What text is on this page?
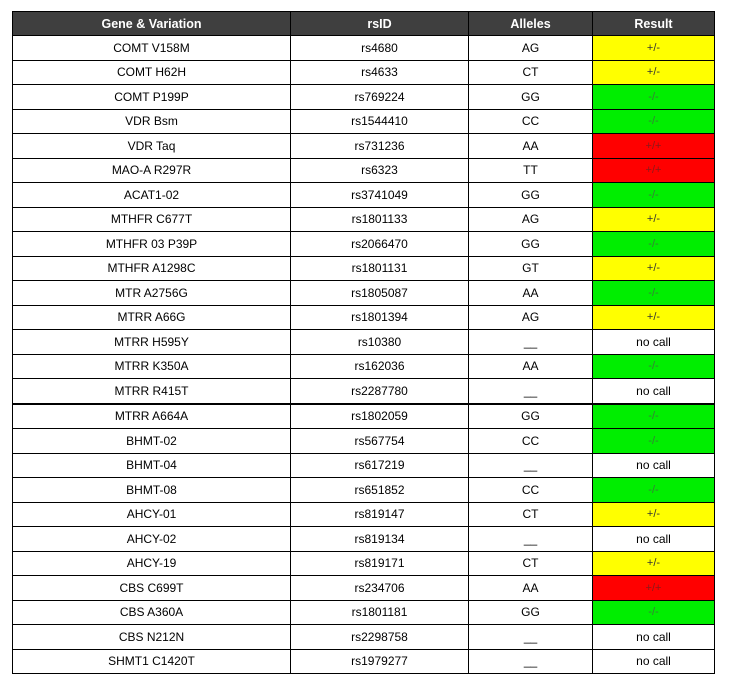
Gene & Variation	rsID	Alleles	Result
COMT V158M	rs4680	AG	+/-
COMT H62H	rs4633	CT	+/-
COMT P199P	rs769224	GG	-/-
VDR Bsm	rs1544410	CC	-/-
VDR Taq	rs731236	AA	+/+
MAO-A R297R	rs6323	TT	+/+
ACAT1-02	rs3741049	GG	-/-
MTHFR C677T	rs1801133	AG	+/-
MTHFR 03 P39P	rs2066470	GG	-/-
MTHFR A1298C	rs1801131	GT	+/-
MTR A2756G	rs1805087	AA	-/-
MTRR A66G	rs1801394	AG	+/-
MTRR H595Y	rs10380	__	no call
MTRR K350A	rs162036	AA	-/-
MTRR R415T	rs2287780	__	no call
MTRR A664A	rs1802059	GG	-/-
BHMT-02	rs567754	CC	-/-
BHMT-04	rs617219	__	no call
BHMT-08	rs651852	CC	-/-
AHCY-01	rs819147	CT	+/-
AHCY-02	rs819134	__	no call
AHCY-19	rs819171	CT	+/-
CBS C699T	rs234706	AA	+/+
CBS A360A	rs1801181	GG	-/-
CBS N212N	rs2298758	__	no call
SHMT1 C1420T	rs1979277	__	no call
